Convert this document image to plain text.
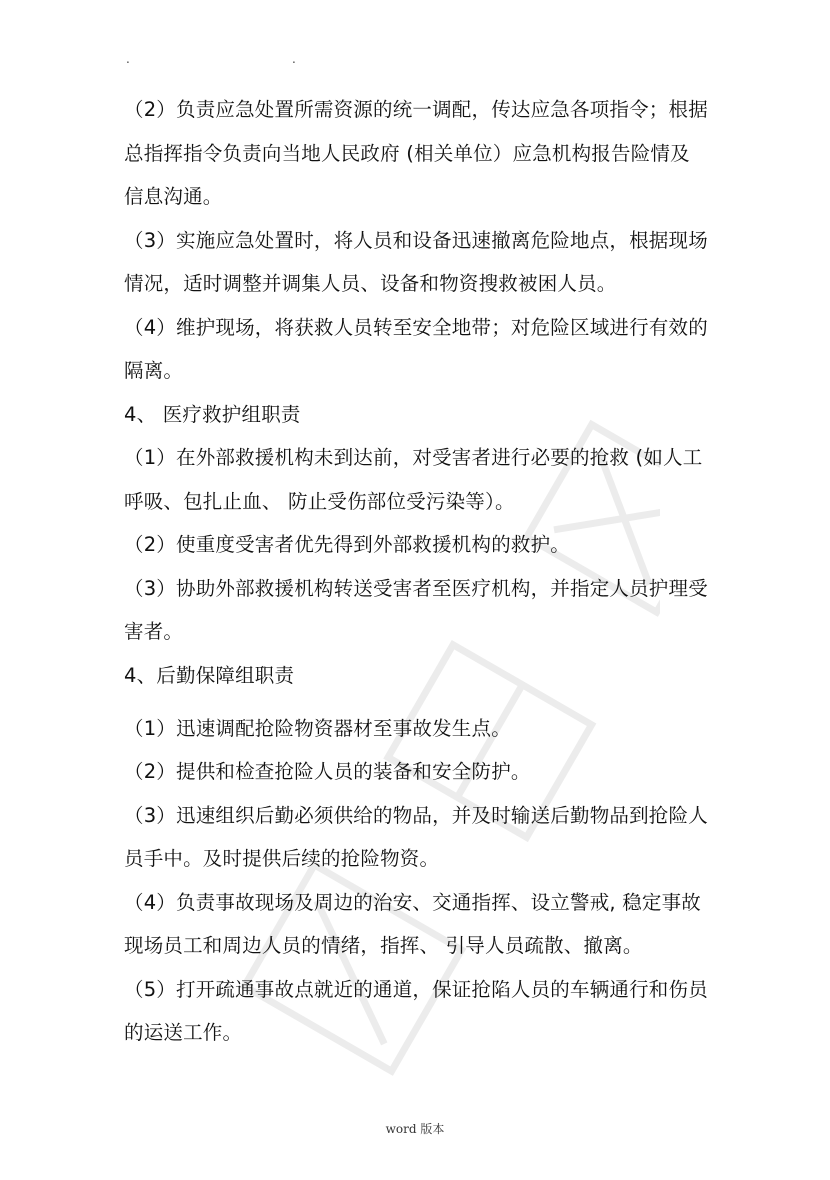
.	.
（2）负责应急处置所需资源的统一调配，传达应急各项指令；根据
总指挥指令负责向当地人民政府 (相关单位）应急机构报告险情及
信息沟通。
（3）实施应急处置时，将人员和设备迅速撤离危险地点，根据现场
情况，适时调整并调集人员、设备和物资搜救被困人员。
（4）维护现场，将获救人员转至安全地带；对危险区域进行有效的
隔离。
4、 医疗救护组职责
（1）在外部救援机构未到达前，对受害者进行必要的抢救 (如人工
呼吸、包扎止血、 防止受伤部位受污染等）。
（2）使重度受害者优先得到外部救援机构的救护。
（3）协助外部救援机构转送受害者至医疗机构，并指定人员护理受
害者。
4、后勤保障组职责
（1）迅速调配抢险物资器材至事故发生点。
（2）提供和检查抢险人员的装备和安全防护。
（3）迅速组织后勤必须供给的物品，并及时输送后勤物品到抢险人
员手中。及时提供后续的抢险物资。
（4）负责事故现场及周边的治安、交通指挥、设立警戒, 稳定事故
现场员工和周边人员的情绪，指挥、 引导人员疏散、撤离。
（5）打开疏通事故点就近的通道，保证抢陷人员的车辆通行和伤员
的运送工作。
word 版本
